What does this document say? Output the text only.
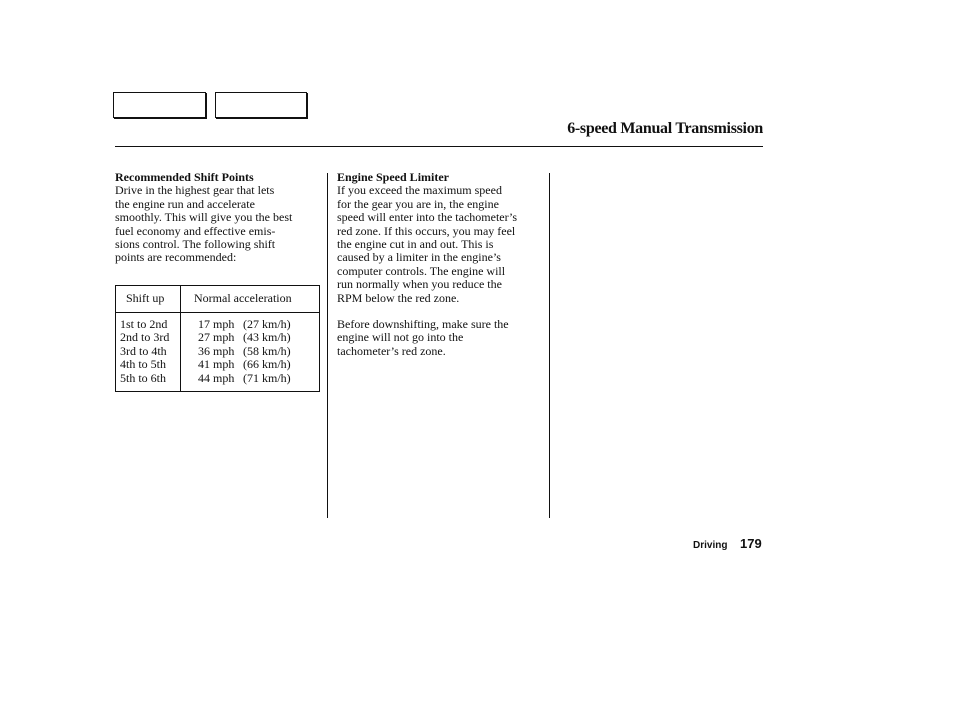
6-speed Manual Transmission
Recommended Shift Points
Drive in the highest gear that lets
the engine run and accelerate
smoothly. This will give you the best
fuel economy and effective emis-
sions control. The following shift
points are recommended:
Shift up Normal acceleration
1st to 2nd
2nd to 3rd
3rd to 4th
4th to 5th
5th to 6th
17 mph
27 mph
36 mph
41 mph
44 mph
(27 km/h)
(43 km/h)
(58 km/h)
(66 km/h)
(71 km/h)
Engine Speed Limiter
If you exceed the maximum speed
for the gear you are in, the engine
speed will enter into the tachometer’s
red zone. If this occurs, you may feel
the engine cut in and out. This is
caused by a limiter in the engine’s
computer controls. The engine will
run normally when you reduce the
RPM below the red zone.
Before downshifting, make sure the
engine will not go into the
tachometer’s red zone.
Driving 179
